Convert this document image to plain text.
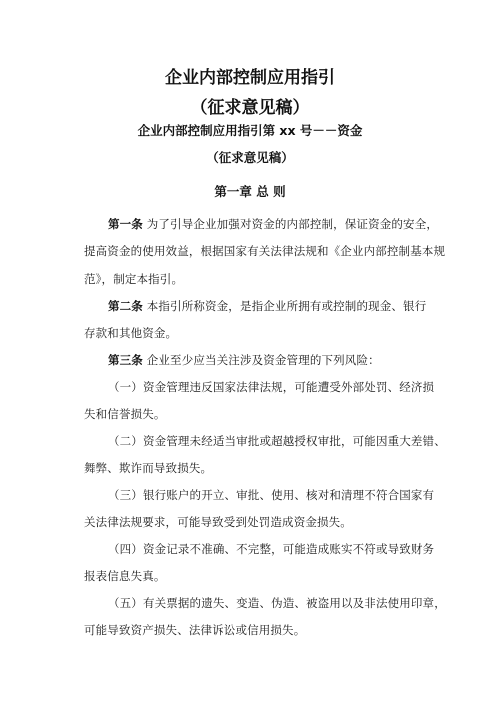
企业内部控制应用指引
（征求意见稿）
企业内部控制应用指引第 xx 号－－资金
（征求意见稿）
第一章 总 则
第一条 为了引导企业加强对资金的内部控制，保证资金的安全，
提高资金的使用效益，根据国家有关法律法规和《企业内部控制基本规
范》，制定本指引。
第二条 本指引所称资金，是指企业所拥有或控制的现金、银行
存款和其他资金。
第三条 企业至少应当关注涉及资金管理的下列风险：
（一）资金管理违反国家法律法规，可能遭受外部处罚、经济损
失和信誉损失。
（二）资金管理未经适当审批或超越授权审批，可能因重大差错、
舞弊、欺诈而导致损失。
（三）银行账户的开立、审批、使用、核对和清理不符合国家有
关法律法规要求，可能导致受到处罚造成资金损失。
（四）资金记录不准确、不完整，可能造成账实不符或导致财务
报表信息失真。
（五）有关票据的遗失、变造、伪造、被盗用以及非法使用印章，
可能导致资产损失、法律诉讼或信用损失。
